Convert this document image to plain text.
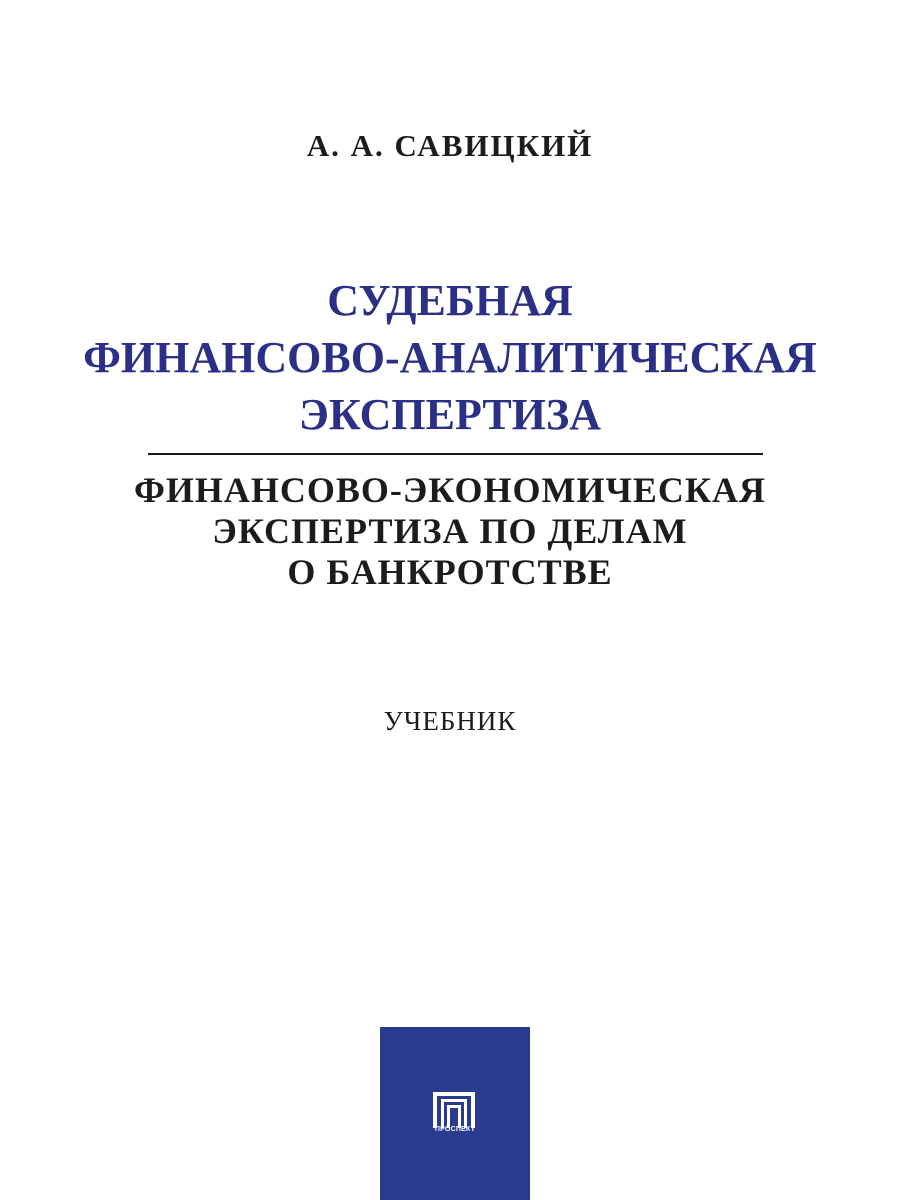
А. А. САВИЦКИЙ
СУДЕБНАЯ
ФИНАНСОВО-АНАЛИТИЧЕСКАЯ
ЭКСПЕРТИЗА
ФИНАНСОВО-ЭКОНОМИЧЕСКАЯ
ЭКСПЕРТИЗА ПО ДЕЛАМ
О БАНКРОТСТВЕ
УЧЕБНИК
ПРОСПЕКТ
